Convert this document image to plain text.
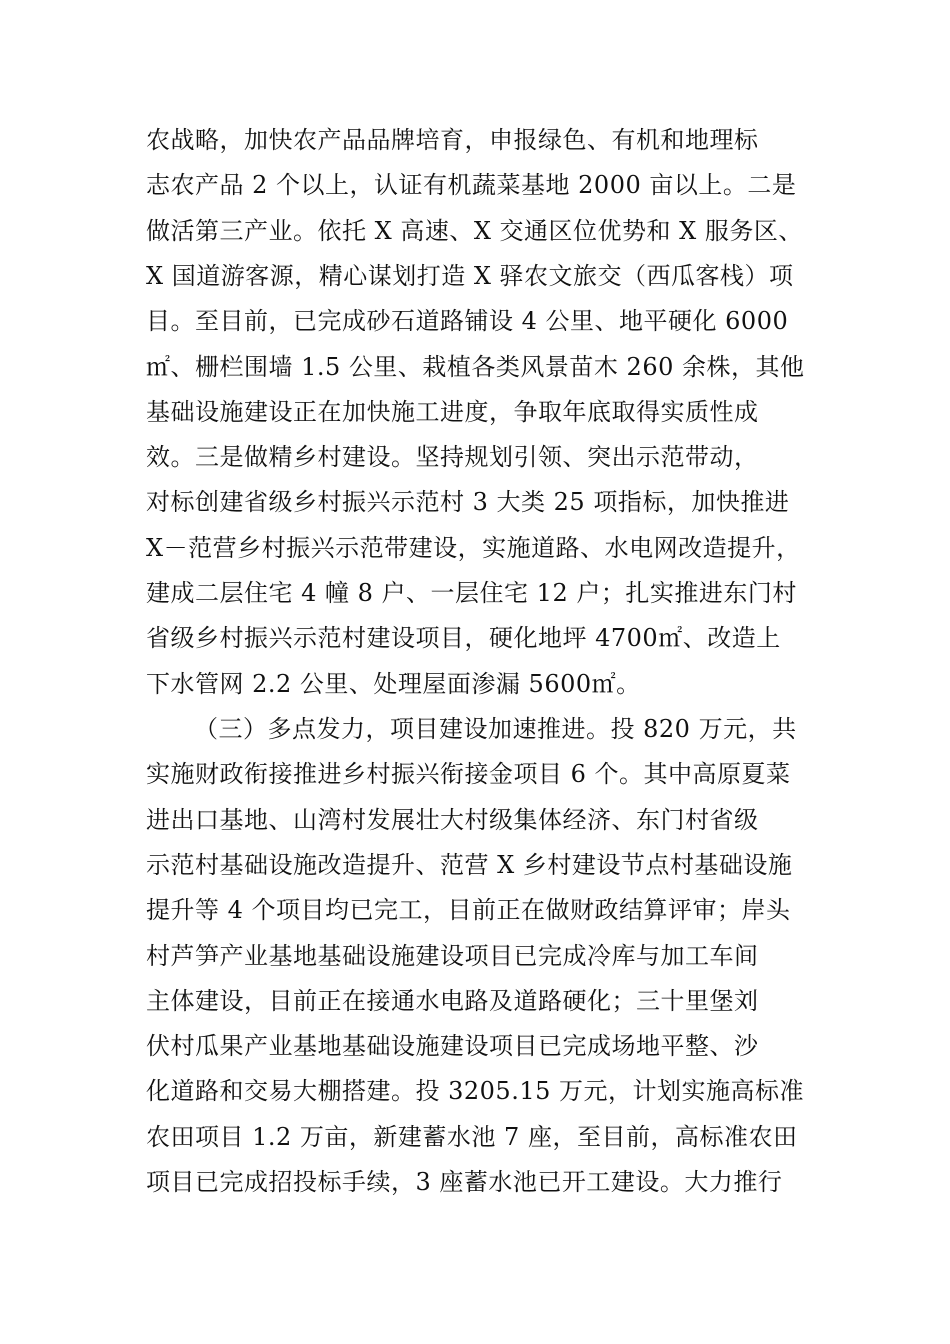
农战略，加快农产品品牌培育，申报绿色、有机和地理标
志农产品 2 个以上，认证有机蔬菜基地 2000 亩以上。二是
做活第三产业。依托 X 高速、X 交通区位优势和 X 服务区、
X 国道游客源，精心谋划打造 X 驿农文旅交（西瓜客栈）项
目。至目前，已完成砂石道路铺设 4 公里、地平硬化 6000
㎡、栅栏围墙 1.5 公里、栽植各类风景苗木 260 余株，其他
基础设施建设正在加快施工进度，争取年底取得实质性成
效。三是做精乡村建设。坚持规划引领、突出示范带动，
对标创建省级乡村振兴示范村 3 大类 25 项指标，加快推进
X－范营乡村振兴示范带建设，实施道路、水电网改造提升，
建成二层住宅 4 幢 8 户、一层住宅 12 户；扎实推进东门村
省级乡村振兴示范村建设项目，硬化地坪 4700㎡、改造上
下水管网 2.2 公里、处理屋面渗漏 5600㎡。
（三）多点发力，项目建设加速推进。投 820 万元，共
实施财政衔接推进乡村振兴衔接金项目 6 个。其中高原夏菜
进出口基地、山湾村发展壮大村级集体经济、东门村省级
示范村基础设施改造提升、范营 X 乡村建设节点村基础设施
提升等 4 个项目均已完工，目前正在做财政结算评审；岸头
村芦笋产业基地基础设施建设项目已完成冷库与加工车间
主体建设，目前正在接通水电路及道路硬化；三十里堡刘
伏村瓜果产业基地基础设施建设项目已完成场地平整、沙
化道路和交易大棚搭建。投 3205.15 万元，计划实施高标准
农田项目 1.2 万亩，新建蓄水池 7 座，至目前，高标准农田
项目已完成招投标手续，3 座蓄水池已开工建设。大力推行
